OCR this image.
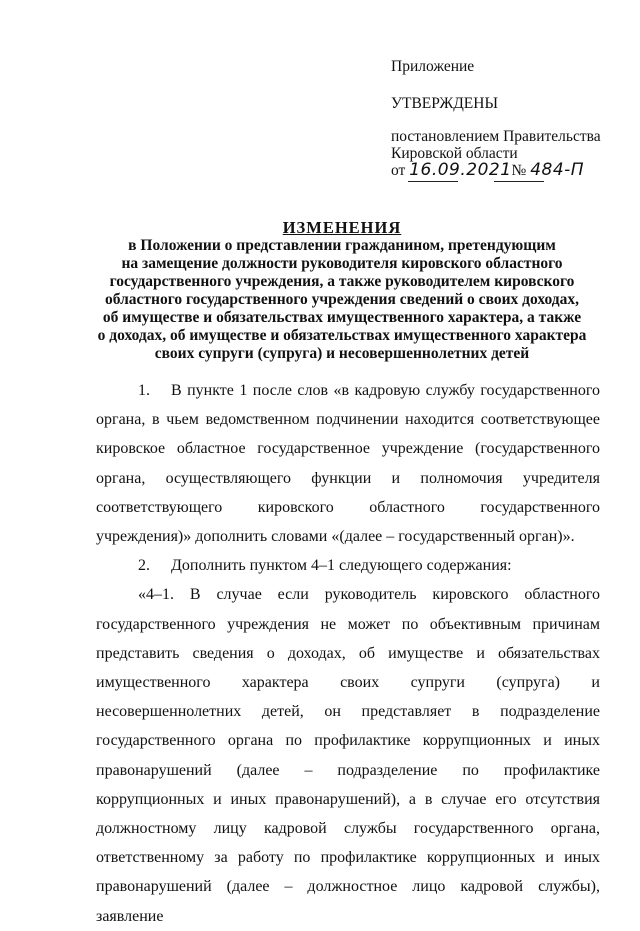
Приложение
УТВЕРЖДЕНЫ
постановлением Правительства
Кировской области
от 16.09.2021№ 484-П
ИЗМЕНЕНИЯ
в Положении о представлении гражданином, претендующим
на замещение должности руководителя кировского областного
государственного учреждения, а также руководителем кировского
областного государственного учреждения сведений о своих доходах,
об имуществе и обязательствах имущественного характера, а также
о доходах, об имуществе и обязательствах имущественного характера
своих супруги (супруга) и несовершеннолетних детей

1. В пункте 1 после слов «в кадровую службу государственного органа, в чьем ведомственном подчинении находится соответствующее кировское областное государственное учреждение (государственного органа, осуществляющего функции и полномочия учредителя соответствующего кировского областного государственного учреждения)» дополнить словами «(далее – государственный орган)».

2. Дополнить пунктом 4–1 следующего содержания:

«4–1. В случае если руководитель кировского областного государственного учреждения не может по объективным причинам представить сведения о доходах, об имуществе и обязательствах имущественного характера своих супруги (супруга) и несовершеннолетних детей, он представляет в подразделение государственного органа по профилактике коррупционных и иных правонарушений (далее – подразделение по профилактике коррупционных и иных правонарушений), а в случае его отсутствия должностному лицу кадровой службы государственного органа, ответственному за работу по профилактике коррупционных и иных правонарушений (далее – должностное лицо кадровой службы), заявление
